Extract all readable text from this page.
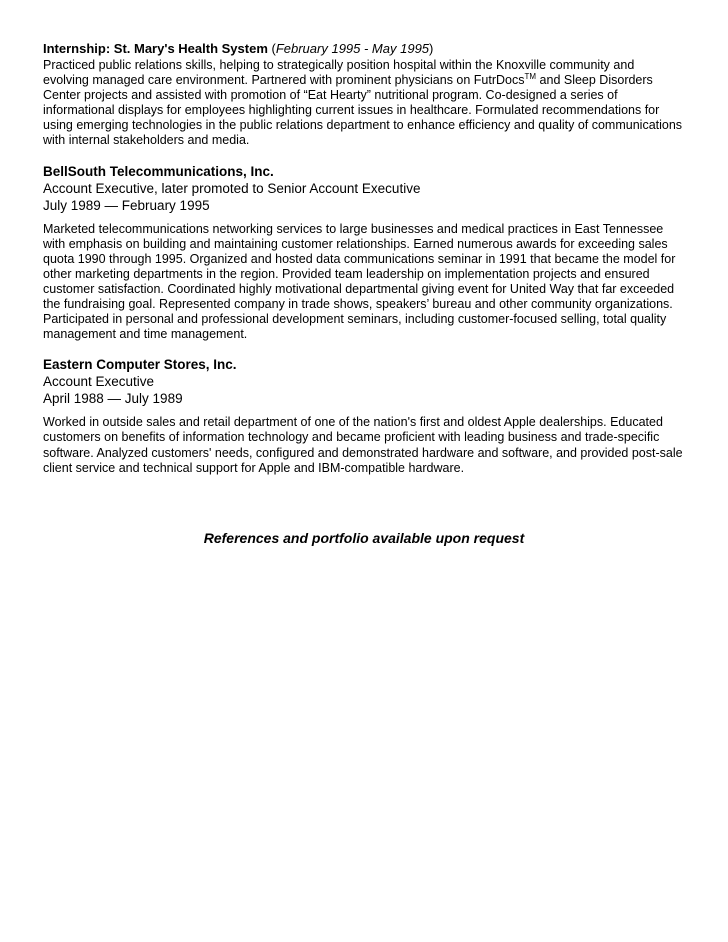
Internship: St. Mary's Health System (February 1995 - May 1995)

Practiced public relations skills, helping to strategically position hospital within the Knoxville community and evolving managed care environment. Partnered with prominent physicians on FutrDocs™ and Sleep Disorders Center projects and assisted with promotion of “Eat Hearty” nutritional program. Co-designed a series of informational displays for employees highlighting current issues in healthcare. Formulated recommendations for using emerging technologies in the public relations department to enhance efficiency and quality of communications with internal stakeholders and media.

BellSouth Telecommunications, Inc.

Account Executive, later promoted to Senior Account Executive

July 1989 — February 1995

Marketed telecommunications networking services to large businesses and medical practices in East Tennessee with emphasis on building and maintaining customer relationships. Earned numerous awards for exceeding sales quota 1990 through 1995. Organized and hosted data communications seminar in 1991 that became the model for other marketing departments in the region. Provided team leadership on implementation projects and ensured customer satisfaction. Coordinated highly motivational departmental giving event for United Way that far exceeded the fundraising goal. Represented company in trade shows, speakers’ bureau and other community organizations. Participated in personal and professional development seminars, including customer-focused selling, total quality management and time management.

Eastern Computer Stores, Inc.

Account Executive

April 1988 — July 1989

Worked in outside sales and retail department of one of the nation's first and oldest Apple dealerships. Educated customers on benefits of information technology and became proficient with leading business and trade-specific software. Analyzed customers' needs, configured and demonstrated hardware and software, and provided post-sale client service and technical support for Apple and IBM-compatible hardware.

References and portfolio available upon request
